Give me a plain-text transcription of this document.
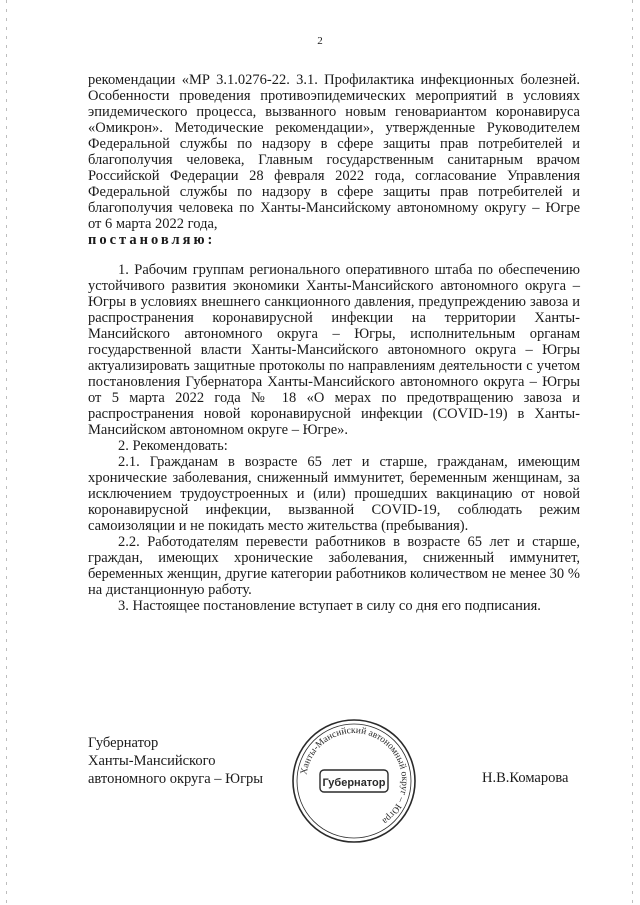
2

рекомендации «МР 3.1.0276-22. 3.1. Профилактика инфекционных болезней. Особенности проведения противоэпидемических мероприятий в условиях эпидемического процесса, вызванного новым геновариантом коронавируса «Омикрон». Методические рекомендации», утвержденные Руководителем Федеральной службы по надзору в сфере защиты прав потребителей и благополучия человека, Главным государственным санитарным врачом Российской Федерации 28 февраля 2022 года, согласование Управления Федеральной службы по надзору в сфере защиты прав потребителей и благополучия человека по Ханты-Мансийскому автономному округу – Югре от 6 марта 2022 года,

постановляю:

1. Рабочим группам регионального оперативного штаба по обеспечению устойчивого развития экономики Ханты-Мансийского автономного округа – Югры в условиях внешнего санкционного давления, предупреждению завоза и распространения коронавирусной инфекции на территории Ханты-Мансийского автономного округа – Югры, исполнительным органам государственной власти Ханты-Мансийского автономного округа – Югры актуализировать защитные протоколы по направлениям деятельности с учетом постановления Губернатора Ханты-Мансийского автономного округа – Югры от 5 марта 2022 года № 18 «О мерах по предотвращению завоза и распространения новой коронавирусной инфекции (COVID-19) в Ханты-Мансийском автономном округе – Югре».

2. Рекомендовать:

2.1. Гражданам в возрасте 65 лет и старше, гражданам, имеющим хронические заболевания, сниженный иммунитет, беременным женщинам, за исключением трудоустроенных и (или) прошедших вакцинацию от новой коронавирусной инфекции, вызванной COVID-19, соблюдать режим самоизоляции и не покидать место жительства (пребывания).

2.2. Работодателям перевести работников в возрасте 65 лет и старше, граждан, имеющих хронические заболевания, сниженный иммунитет, беременных женщин, другие категории работников количеством не менее 30 % на дистанционную работу.

3. Настоящее постановление вступает в силу со дня его подписания.

Губернатор
Ханты-Мансийского
автономного округа – Югры	Ханты-Мансийский автономный округ – Югра
Губернатор	Н.В.Комарова
